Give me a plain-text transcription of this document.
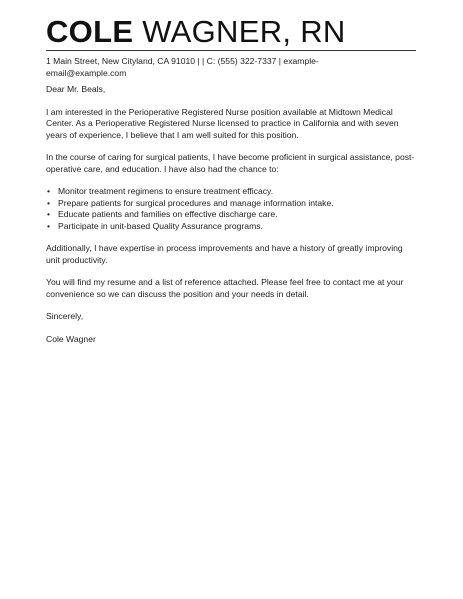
COLE WAGNER, RN
1 Main Street, New Cityland, CA 91010 | | C: (555) 322-7337 | example-email@example.com

Dear Mr. Beals,

I am interested in the Perioperative Registered Nurse position available at Midtown Medical Center. As a Perioperative Registered Nurse licensed to practice in California and with seven years of experience, I believe that I am well suited for this position.

In the course of caring for surgical patients, I have become proficient in surgical assistance, post-operative care, and education. I have also had the chance to:

• Monitor treatment regimens to ensure treatment efficacy.
• Prepare patients for surgical procedures and manage information intake.
• Educate patients and families on effective discharge care.
• Participate in unit-based Quality Assurance programs.

Additionally, I have expertise in process improvements and have a history of greatly improving unit productivity.

You will find my resume and a list of reference attached. Please feel free to contact me at your convenience so we can discuss the position and your needs in detail.

Sincerely,

Cole Wagner
